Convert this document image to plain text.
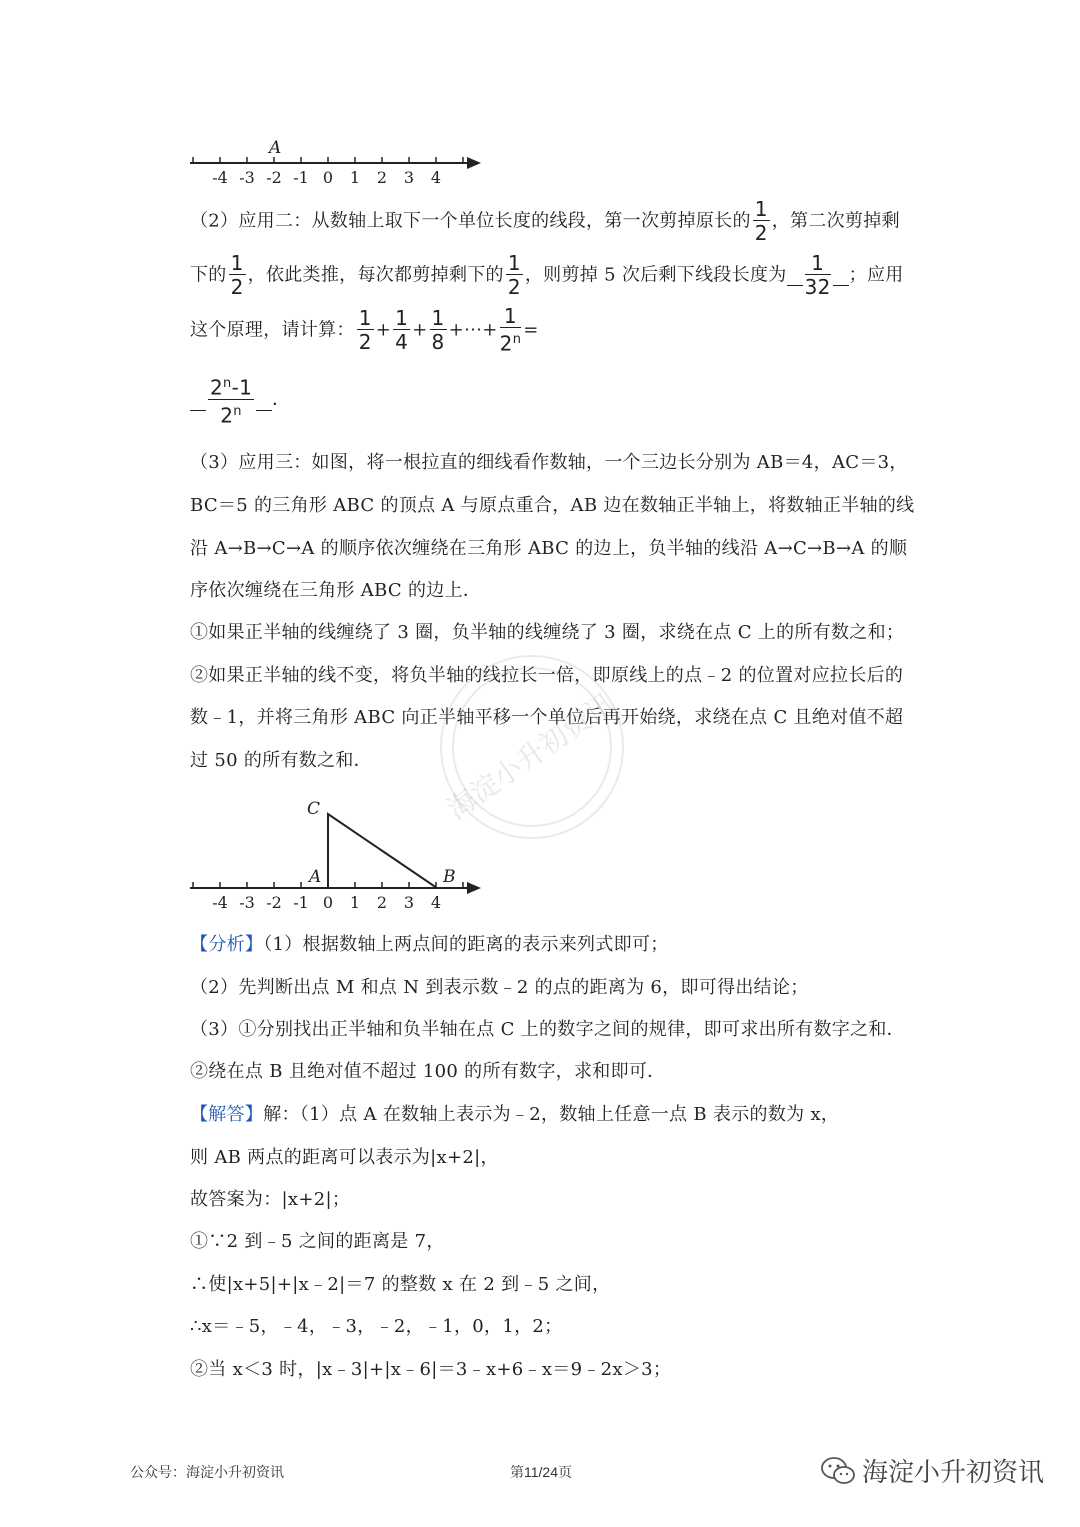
-4 -3 -2 -1 0 1 2 3 4
A
（2）应用二：从数轴上取下一个单位长度的线段，第一次剪掉原长的 $\frac{1}{2}$ ，第二次剪掉剩
下的 $\frac{1}{2}$ ，依此类推，每次都剪掉剩下的 $\frac{1}{2}$ ，则剪掉 5 次后剩下线段长度为 $\frac{1}{32}$ ；应用
这个原理，请计算： $\frac{1}{2} + \frac{1}{4} + \frac{1}{8}$ +⋯+ $\frac{1}{2^n}$ =
$\frac{2^n-1}{2^n}$ ．
（3）应用三：如图，将一根拉直的细线看作数轴，一个三边长分别为 AB＝4，AC＝3，
BC＝5 的三角形 ABC 的顶点 A 与原点重合，AB 边在数轴正半轴上，将数轴正半轴的线
沿 A→B→C→A 的顺序依次缠绕在三角形 ABC 的边上，负半轴的线沿 A→C→B→A 的顺
序依次缠绕在三角形 ABC 的边上．
①如果正半轴的线缠绕了 3 圈，负半轴的线缠绕了 3 圈，求绕在点 C 上的所有数之和；
②如果正半轴的线不变，将负半轴的线拉长一倍，即原线上的点﹣2 的位置对应拉长后的
数﹣1，并将三角形 ABC 向正半轴平移一个单位后再开始绕，求绕在点 C 且绝对值不超
过 50 的所有数之和． 海淀小升初资讯
C
A	B
-4 -3 -2 -1 0 1 2 3 4
【分析】（1）根据数轴上两点间的距离的表示来列式即可；
（2）先判断出点 M 和点 N 到表示数﹣2 的点的距离为 6，即可得出结论；
（3）①分别找出正半轴和负半轴在点 C 上的数字之间的规律，即可求出所有数字之和．
②绕在点 B 且绝对值不超过 100 的所有数字，求和即可．
【解答】解：（1）点 A 在数轴上表示为﹣2，数轴上任意一点 B 表示的数为 x，
则 AB 两点的距离可以表示为|x+2|，
故答案为：|x+2|；
①∵2 到﹣5 之间的距离是 7，
∴使|x+5|+|x﹣2|＝7 的整数 x 在 2 到﹣5 之间，
∴x＝﹣5，﹣4，﹣3，﹣2，﹣1，0，1，2；
②当 x＜3 时，|x﹣3|+|x﹣6|＝3﹣x+6﹣x＝9﹣2x＞3；
公众号：海淀小升初资讯	第11/24页	海淀小升初资讯
